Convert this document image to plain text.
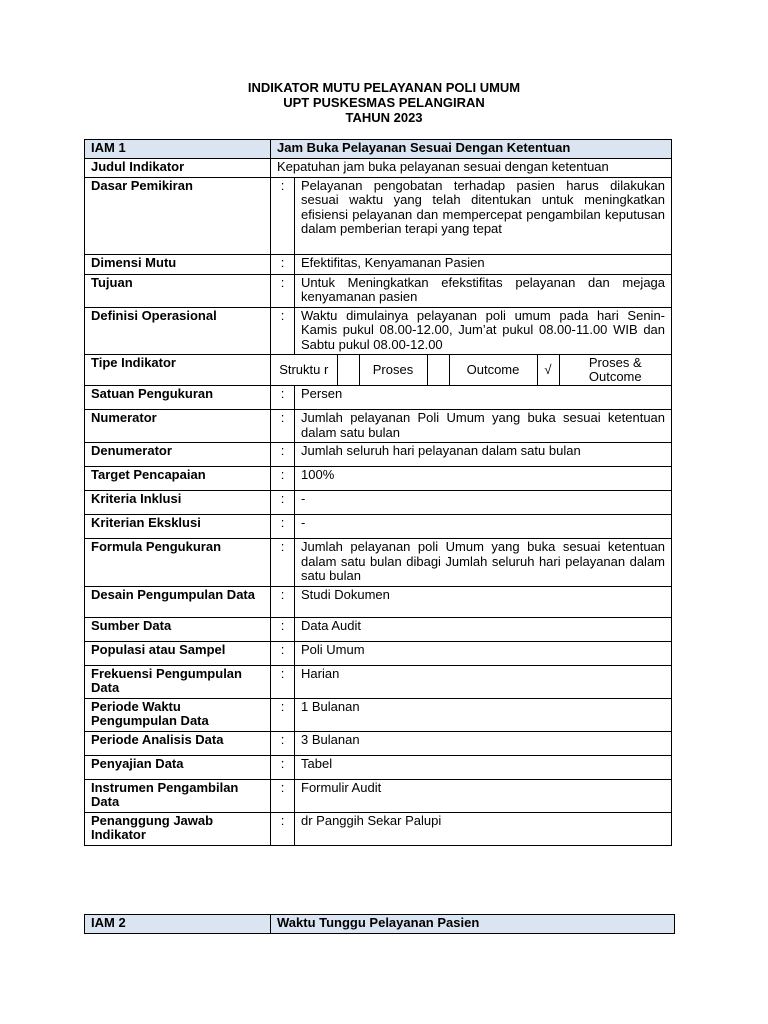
INDIKATOR MUTU PELAYANAN POLI UMUM
UPT PUSKESMAS PELANGIRAN
TAHUN 2023
IAM 1	Jam Buka Pelayanan Sesuai Dengan Ketentuan
Judul Indikator	Kepatuhan jam buka pelayanan sesuai dengan ketentuan
Dasar Pemikiran	:	Pelayanan pengobatan terhadap pasien harus dilakukan sesuai waktu yang telah ditentukan untuk meningkatkan efisiensi pelayanan dan mempercepat pengambilan keputusan dalam pemberian terapi yang tepat
Dimensi Mutu	:	Efektifitas, Kenyamanan Pasien
Tujuan	:	Untuk Meningkatkan efekstifitas pelayanan dan mejaga kenyamanan pasien
Definisi Operasional	:	Waktu dimulainya pelayanan poli umum pada hari Senin-Kamis pukul 08.00-12.00, Jum’at pukul 08.00-11.00 WIB dan Sabtu pukul 08.00-12.00
Tipe Indikator		Struktu r		Proses		Outcome	√	Proses & Outcome

Satuan Pengukuran	:	Persen
Numerator	:	Jumlah pelayanan Poli Umum yang buka sesuai ketentuan dalam satu bulan
Denumerator	:	Jumlah seluruh hari pelayanan dalam satu bulan
Target Pencapaian	:	100%
Kriteria Inklusi	:	-
Kriterian Eksklusi	:	-
Formula Pengukuran	:	Jumlah pelayanan poli Umum yang buka sesuai ketentuan dalam satu bulan dibagi Jumlah seluruh hari pelayanan dalam satu bulan
Desain Pengumpulan Data	:	Studi Dokumen
Sumber Data	:	Data Audit
Populasi atau Sampel	:	Poli Umum
Frekuensi Pengumpulan Data	:	Harian
Periode Waktu Pengumpulan Data	:	1 Bulanan
Periode Analisis Data	:	3 Bulanan
Penyajian Data	:	Tabel
Instrumen Pengambilan Data	:	Formulir Audit
Penanggung Jawab Indikator	:	dr Panggih Sekar Palupi
IAM 2	Waktu Tunggu Pelayanan Pasien
